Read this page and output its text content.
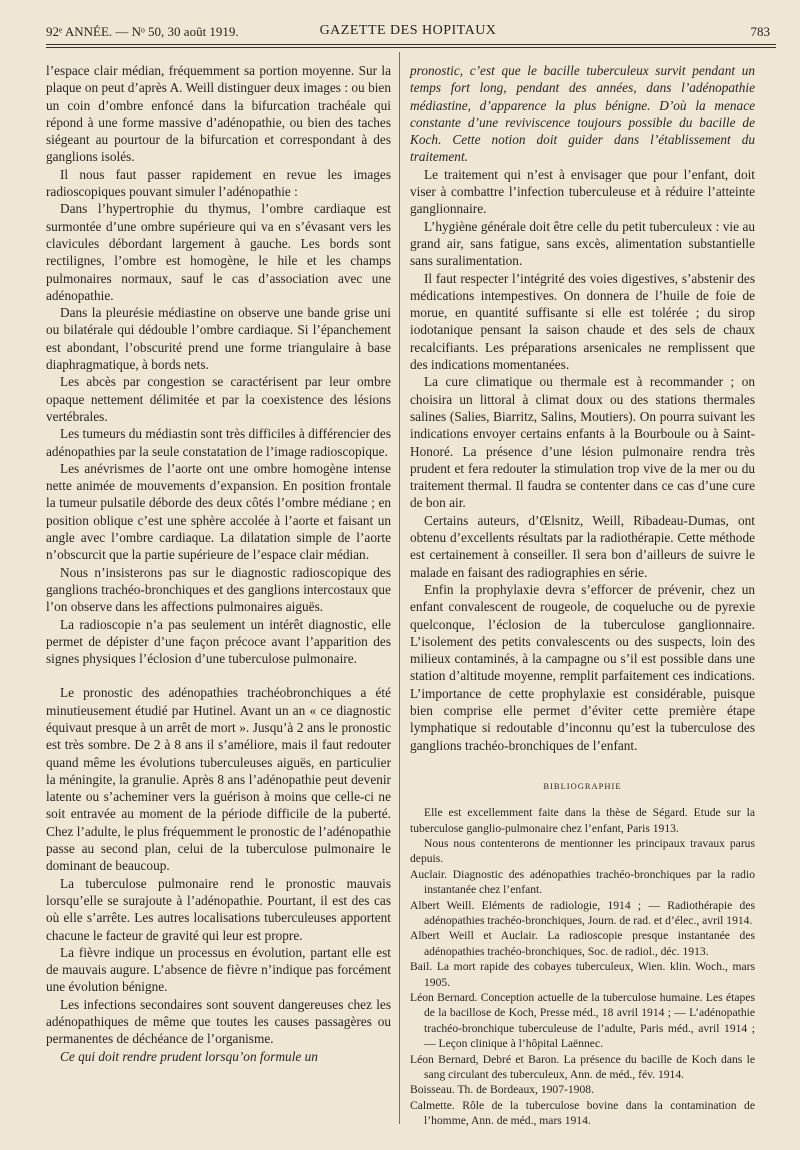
92ᵉ ANNÉE. — Nᵒ 50, 30 août 1919.	GAZETTE DES HOPITAUX	783

l’espace clair médian, fréquemment sa portion moyenne. Sur la plaque on peut d’après A. Weill distinguer deux images : ou bien un coin d’ombre enfoncé dans la bifurcation trachéale qui répond à une forme massive d’adénopathie, ou bien des taches siégeant au pourtour de la bifurcation et correspondant à des ganglions isolés.

Il nous faut passer rapidement en revue les images radioscopiques pouvant simuler l’adénopathie :

Dans l’hypertrophie du thymus, l’ombre cardiaque est surmontée d’une ombre supérieure qui va en s’évasant vers les clavicules débordant largement à gauche. Les bords sont rectilignes, l’ombre est homogène, le hile et les champs pulmonaires normaux, sauf le cas d’association avec une adénopathie.

Dans la pleurésie médiastine on observe une bande grise uni ou bilatérale qui dédouble l’ombre cardiaque. Si l’épanchement est abondant, l’obscurité prend une forme triangulaire à base diaphragmatique, à bords nets.

Les abcès par congestion se caractérisent par leur ombre opaque nettement délimitée et par la coexistence des lésions vertébrales.

Les tumeurs du médiastin sont très difficiles à différencier des adénopathies par la seule constatation de l’image radioscopique.

Les anévrismes de l’aorte ont une ombre homogène intense nette animée de mouvements d’expansion. En position frontale la tumeur pulsatile déborde des deux côtés l’ombre médiane ; en position oblique c’est une sphère accolée à l’aorte et faisant un angle avec l’ombre cardiaque. La dilatation simple de l’aorte n’obscurcit que la partie supérieure de l’espace clair médian.

Nous n’insisterons pas sur le diagnostic radioscopique des ganglions trachéo-bronchiques et des ganglions intercostaux que l’on observe dans les affections pulmonaires aiguës.

La radioscopie n’a pas seulement un intérêt diagnostic, elle permet de dépister d’une façon précoce avant l’apparition des signes physiques l’éclosion d’une tuberculose pulmonaire.

Le pronostic des adénopathies trachéobronchiques a été minutieusement étudié par Hutinel. Avant un an « ce diagnostic équivaut presque à un arrêt de mort ». Jusqu’à 2 ans le pronostic est très sombre. De 2 à 8 ans il s’améliore, mais il faut redouter quand même les évolutions tuberculeuses aiguës, en particulier la méningite, la granulie. Après 8 ans l’adénopathie peut devenir latente ou s’acheminer vers la guérison à moins que celle-ci ne soit entravée au moment de la période difficile de la puberté. Chez l’adulte, le plus fréquemment le pronostic de l’adénopathie passe au second plan, celui de la tuberculose pulmonaire le dominant de beaucoup.

La tuberculose pulmonaire rend le pronostic mauvais lorsqu’elle se surajoute à l’adénopathie. Pourtant, il est des cas où elle s’arrête. Les autres localisations tuberculeuses apportent chacune le facteur de gravité qui leur est propre.

La fièvre indique un processus en évolution, partant elle est de mauvais augure. L’absence de fièvre n’indique pas forcément une évolution bénigne.

Les infections secondaires sont souvent dangereuses chez les adénopathiques de même que toutes les causes passagères ou permanentes de déchéance de l’organisme.

Ce qui doit rendre prudent lorsqu’on formule un

pronostic, c’est que le bacille tuberculeux survit pendant un temps fort long, pendant des années, dans l’adénopathie médiastine, d’apparence la plus bénigne. D’où la menace constante d’une reviviscence toujours possible du bacille de Koch. Cette notion doit guider dans l’établissement du traitement.

Le traitement qui n’est à envisager que pour l’enfant, doit viser à combattre l’infection tuberculeuse et à réduire l’atteinte ganglionnaire.

L’hygiène générale doit être celle du petit tuberculeux : vie au grand air, sans fatigue, sans excès, alimentation substantielle sans suralimentation.

Il faut respecter l’intégrité des voies digestives, s’abstenir des médications intempestives. On donnera de l’huile de foie de morue, en quantité suffisante si elle est tolérée ; du sirop iodotanique pensant la saison chaude et des sels de chaux recalcifiants. Les préparations arsenicales ne remplissent que des indications momentanées.

La cure climatique ou thermale est à recommander ; on choisira un littoral à climat doux ou des stations thermales salines (Salies, Biarritz, Salins, Moutiers). On pourra suivant les indications envoyer certains enfants à la Bourboule ou à Saint-Honoré. La présence d’une lésion pulmonaire rendra très prudent et fera redouter la stimulation trop vive de la mer ou du traitement thermal. Il faudra se contenter dans ce cas d’une cure de bon air.

Certains auteurs, d’Œlsnitz, Weill, Ribadeau-Dumas, ont obtenu d’excellents résultats par la radiothérapie. Cette méthode est certainement à conseiller. Il sera bon d’ailleurs de suivre le malade en faisant des radiographies en série.

Enfin la prophylaxie devra s’efforcer de prévenir, chez un enfant convalescent de rougeole, de coqueluche ou de pyrexie quelconque, l’éclosion de la tuberculose ganglionnaire. L’isolement des petits convalescents ou des suspects, loin des milieux contaminés, à la campagne ou s’il est possible dans une station d’altitude moyenne, remplit parfaitement ces indications. L’importance de cette prophylaxie est considérable, puisque bien comprise elle permet d’éviter cette première étape lymphatique si redoutable d’inconnu qu’est la tuberculose des ganglions trachéo-bronchiques de l’enfant.

BIBLIOGRAPHIE

Elle est excellemment faite dans la thèse de Ségard. Etude sur la tuberculose ganglio-pulmonaire chez l’enfant, Paris 1913.

Nous nous contenterons de mentionner les principaux travaux parus depuis.

Auclair. Diagnostic des adénopathies trachéo-bronchiques par la radio instantanée chez l’enfant.

Albert Weill. Eléments de radiologie, 1914 ; — Radiothérapie des adénopathies trachéo-bronchiques, Journ. de rad. et d’élec., avril 1914.

Albert Weill et Auclair. La radioscopie presque instantanée des adénopathies trachéo-bronchiques, Soc. de radiol., déc. 1913.

Bail. La mort rapide des cobayes tuberculeux, Wien. klin. Woch., mars 1905.

Léon Bernard. Conception actuelle de la tuberculose humaine. Les étapes de la bacillose de Koch, Presse méd., 18 avril 1914 ; — L’adénopathie trachéo-bronchique tuberculeuse de l’adulte, Paris méd., avril 1914 ; — Leçon clinique à l’hôpital Laënnec.

Léon Bernard, Debré et Baron. La présence du bacille de Koch dans le sang circulant des tuberculeux, Ann. de méd., fév. 1914.

Boisseau. Th. de Bordeaux, 1907-1908.

Calmette. Rôle de la tuberculose bovine dans la contamination de l’homme, Ann. de méd., mars 1914.
